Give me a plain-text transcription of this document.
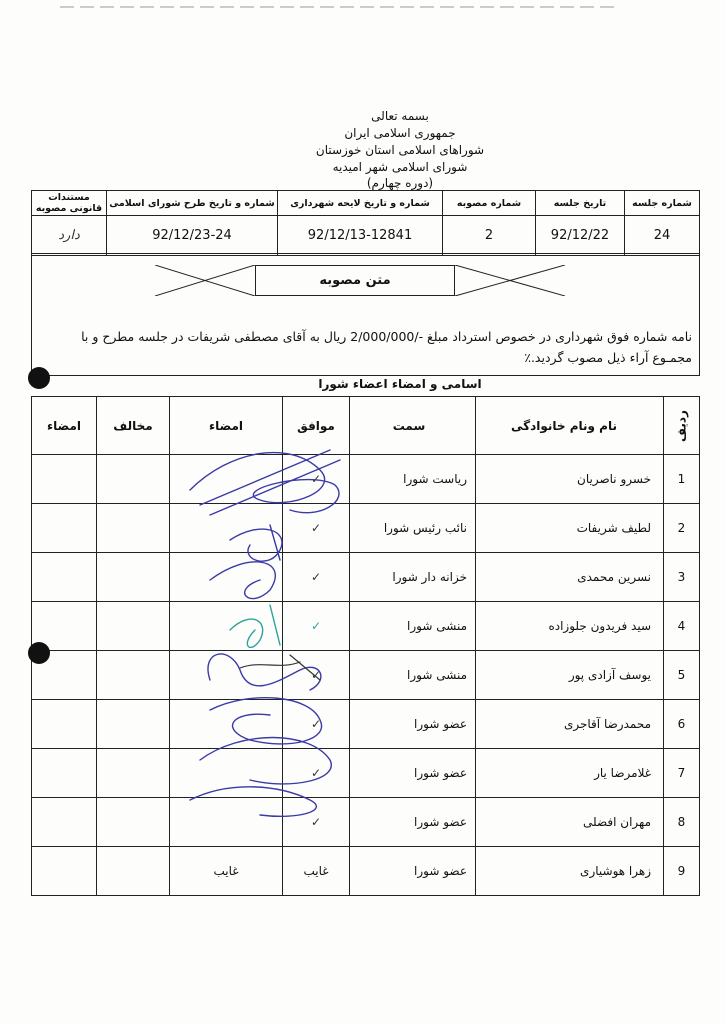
بسمه تعالی
جمهوری اسلامی ایران
شوراهای اسلامی استان خوزستان
شورای اسلامی شهر امیدیه
(دوره چهارم)
شماره جلسه	تاریخ جلسه	شماره مصوبه	شماره و تاریخ لایحه شهرداری	شماره و تاریخ طرح شورای اسلامی	مستندات قانونی مصوبه
24	92/12/22	2	92/12/13-12841	92/12/23-24	دارد
متن مصوبه
نامه شماره فوق شهرداری در خصوص استرداد مبلغ -/2/000/000 ریال به آقای مصطفی شریفات در جلسه مطرح و با مجمـوع آراء ذیل مصوب گردید.٪
اسامی و امضاء اعضاء شورا
ردیف	نام ونام خانوادگی	سمت	موافق	امضاء	مخالف	امضاء
1	خسرو ناصریان	ریاست شورا	✓			
2	لطیف شریفات	نائب رئیس شورا	✓			
3	نسرین محمدی	خزانه دار شورا	✓			
4	سید فریدون جلوزاده	منشی شورا	✓			
5	یوسف آزادی پور	منشی شورا	✓			
6	محمدرضا آقاجری	عضو شورا	✓			
7	غلامرضا یار	عضو شورا	✓			
8	مهران افضلی	عضو شورا	✓			
9	زهرا هوشیاری	عضو شورا	غایب	غایب		
